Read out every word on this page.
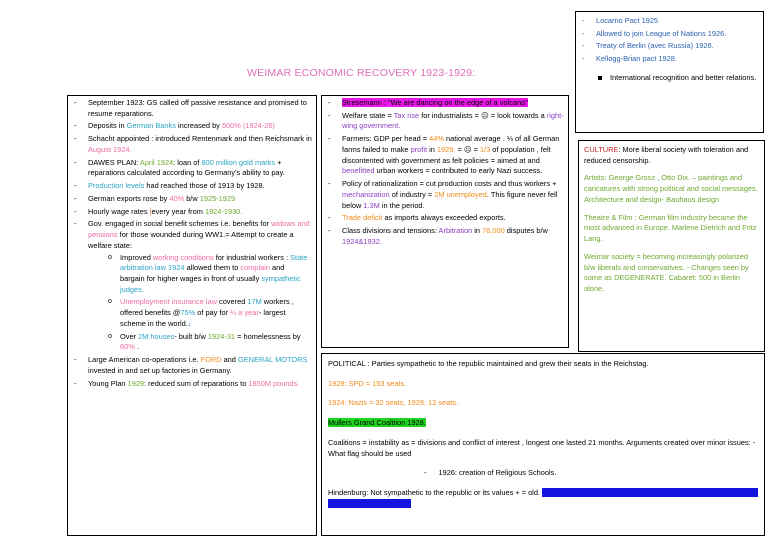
WEIMAR ECONOMIC RECOVERY 1923-1929:
- Locarno Pact 1925
- Allowed to join League of Nations 1926.
- Treaty of Berlin (avec Russia) 1926.
- Kellogg-Brian pact 1928.
International recognition and better relations.
- September 1923: GS called off passive resistance and promised to resume reparations.
- Deposits in German Banks increased by 500% (1924-26)
- Schacht appointed : introduced Rentenmark and then Reichsmark in August 1924.
- DAWES PLAN: April 1924: loan of 800 million gold marks + reparations calculated according to Germany's ability to pay.
- Production levels had reached those of 1913 by 1928.
- German exports rose by 40% b/w 1925-1929
- Hourly wage rates |every year from 1924-1930.
- Gov. engaged in social benefit schemes i.e. benefits for widows and pensions for those wounded during WW1.= Attempt to create a welfare state:
o Improved working conditions for industrial workers : State arbitration law 1924 allowed them to complain and bargain for higher wages in front of usually sympathetic judges.
o Unemployment insurance law covered 17M workers , offered benefits @75% of pay for ¼ a year- largest scheme in the world.↓
o Over 2M houses- built b/w 1924-31 = homelessness by 60% .
- Large American co-operations i.e. FORD and GENERAL MOTORS invested in and set up factories in Germany.
- Young Plan 1929: reduced sum of reparations to 1850M pounds.
- Stresemann : "We are dancing on the edge of a volcano"
- Welfare state = Tax rise for industrialists = ☹ = look towards a right-wing government.
- Farmers: GDP per head = 44% national average . ⅓ of all German farms failed to make profit in 1929. = ☹ = 1/3 of population , felt discontented with government as felt policies = aimed at and benefitted urban workers = contributed to early Nazi success.
- Policy of rationalization = cut production costs and thus workers + mechanization of industry = 2M unemployed. This figure never fell below 1.3M in the period.
- Trade deficit as imports always exceeded exports.
- Class divisions and tensions: Arbitration in 76,000 disputes b/w 1924&1932.

CULTURE: More liberal society with toleration and reduced censorship.

Artists: George Grosz , Otto Dix. – paintings and caricatures with strong political and social messages. Architecture and design- Bauhaus design

Theatre & Film : German film industry became the most advanced in Europe. Marlene Dietrich and Fritz Lang.

Weimar society = becoming increasingly polarized b/w liberals and conservatives. - Changes seen by some as DEGENERATE. Cabaret: 500 in Berlin alone.

POLITICAL : Parties sympathetic to the republic maintained and grew their seats in the Reichstag.

1928: SPD = 153 seats.

1924: Nazis = 32 seats, 1928: 12 seats.

Mullers Grand Coalition 1928.

Coalitions = instability as = divisions and conflict of interest , longest one lasted 21 months. Arguments created over minor issues: - What flag should be used

- 1926: creation of Religious Schools.

Hindenburg: Not sympathetic to the republic or its values + = old. 1925-1934 - He refused to betray the republic , but he did not rally the people to its defense.
